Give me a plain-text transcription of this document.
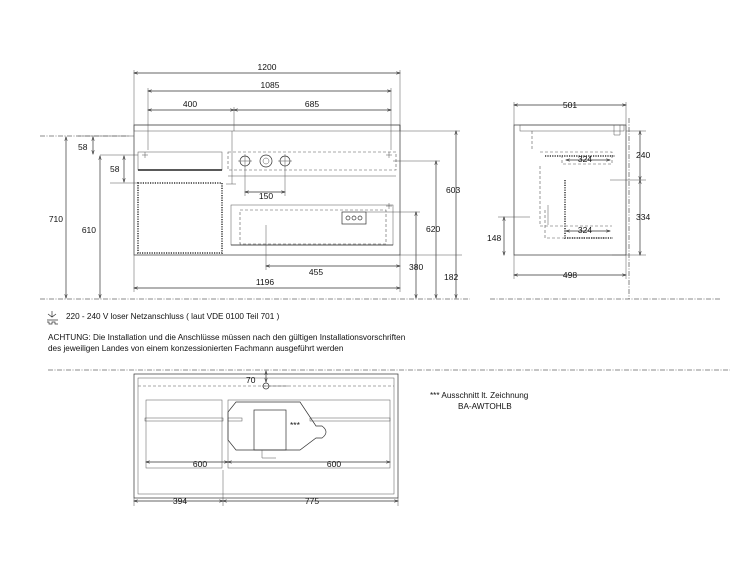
1200
1085
400	685
58
58
150
455
1196
710
610
603
620
380
182
501
324
324
240
334
148
498
***
70
600	600
394	775
220 - 240 V loser Netzanschluss ( laut VDE 0100 Teil 701 )
ACHTUNG: Die Installation und die Anschlüsse müssen nach den gültigen Installationsvorschriften
des jeweiligen Landes von einem konzessionierten Fachmann ausgeführt werden
*** Ausschnitt lt. Zeichnung
BA-AWTOHLB
